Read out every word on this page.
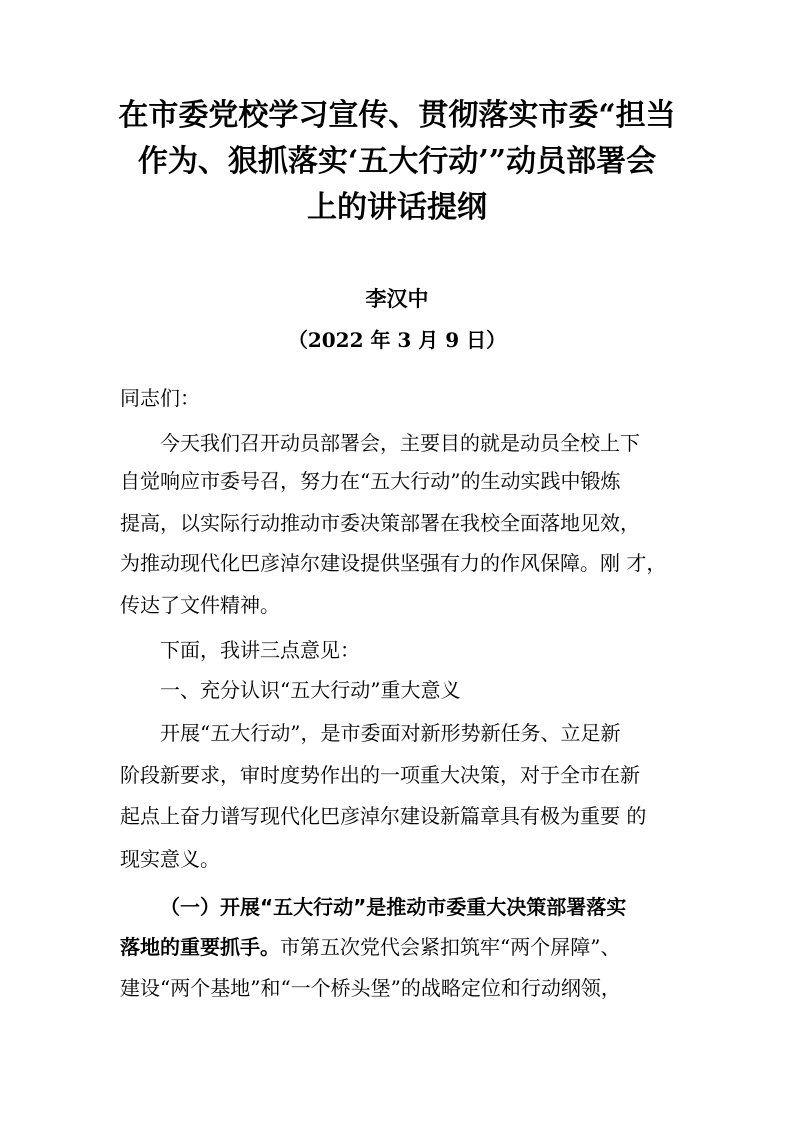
在市委党校学习宣传、贯彻落实市委“担当
作为、狠抓落实‘五大行动’”动员部署会
上的讲话提纲
李汉中
（2022 年 3 月 9 日）
同志们：
今天我们召开动员部署会，主要目的就是动员全校上下
自觉响应市委号召，努力在“五大行动”的生动实践中锻炼
提高，以实际行动推动市委决策部署在我校全面落地见效，
为推动现代化巴彦淖尔建设提供坚强有力的作风保障。刚 才，
传达了文件精神。
下面，我讲三点意见：
一、充分认识“五大行动”重大意义
开展“五大行动”，是市委面对新形势新任务、立足新
阶段新要求，审时度势作出的一项重大决策，对于全市在新
起点上奋力谱写现代化巴彦淖尔建设新篇章具有极为重要 的
现实意义。
（一）开展“五大行动”是推动市委重大决策部署落实
落地的重要抓手。市第五次党代会紧扣筑牢“两个屏障”、
建设“两个基地”和“一个桥头堡”的战略定位和行动纲领，
